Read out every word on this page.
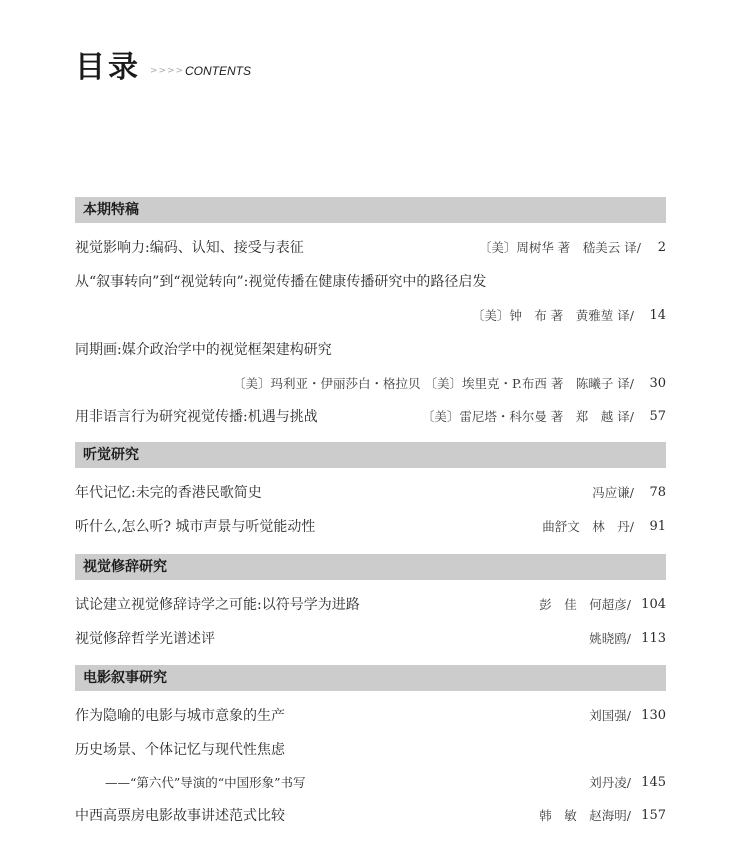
目录 >>>> CONTENTS
本期特稿
视觉影响力:编码、认知、接受与表征	〔美〕周树华 著　嵇美云 译/ 2
从“叙事转向”到“视觉转向”:视觉传播在健康传播研究中的路径启发
〔美〕钟　布 著　黄雅堃 译/ 14
同期画:媒介政治学中的视觉框架建构研究
〔美〕玛利亚・伊丽莎白・格拉贝 〔美〕埃里克・P.布西 著　陈曦子 译/ 30
用非语言行为研究视觉传播:机遇与挑战	〔美〕雷尼塔・科尔曼 著　郑　越 译/ 57
听觉研究
年代记忆:未完的香港民歌简史	冯应谦/ 78
听什么,怎么听? 城市声景与听觉能动性	曲舒文　林　丹/ 91
视觉修辞研究
试论建立视觉修辞诗学之可能:以符号学为进路	彭　佳　何超彦/ 104
视觉修辞哲学光谱述评	姚晓鸥/ 113
电影叙事研究
作为隐喻的电影与城市意象的生产	刘国强/ 130
历史场景、个体记忆与现代性焦虑
——“第六代”导演的“中国形象”书写	刘丹凌/ 145
中西高票房电影故事讲述范式比较	韩　敏　赵海明/ 157
